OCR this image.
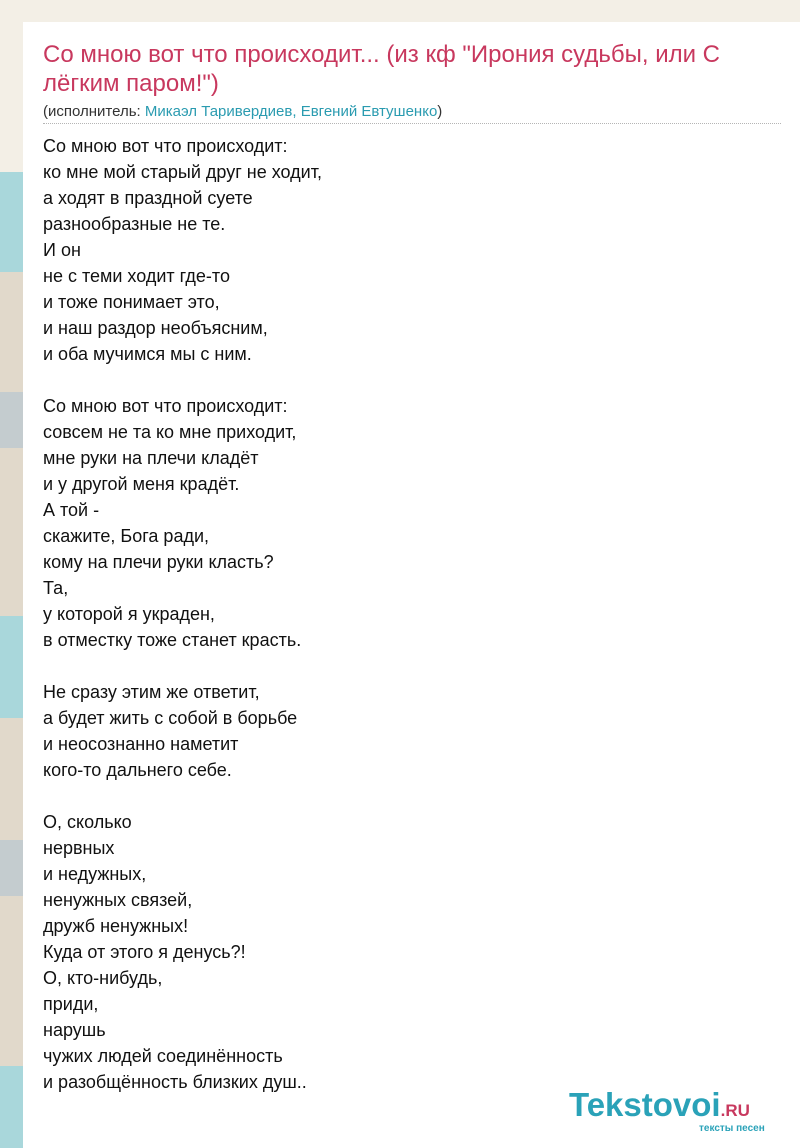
Со мною вот что происходит... (из кф "Ирония судьбы, или С лёгким паром!")
(исполнитель: Микаэл Таривердиев, Евгений Евтушенко)
Со мною вот что происходит:
ко мне мой старый друг не ходит,
а ходят в праздной суете
разнообразные не те.
И он
не с теми ходит где-то
и тоже понимает это,
и наш раздор необъясним,
и оба мучимся мы с ним.
Со мною вот что происходит:
совсем не та ко мне приходит,
мне руки на плечи кладёт
и у другой меня крадёт.
А той -
скажите, Бога ради,
кому на плечи руки класть?
Та,
у которой я украден,
в отместку тоже станет красть.
Не сразу этим же ответит,
а будет жить с собой в борьбе
и неосознанно наметит
кого-то дальнего себе.
О, сколько
нервных
и недужных,
ненужных связей,
дружб ненужных!
Куда от этого я денусь?!
О, кто-нибудь,
приди,
нарушь
чужих людей соединённость
и разобщённость близких душ..
Tekstovoi.RU
тексты песен
